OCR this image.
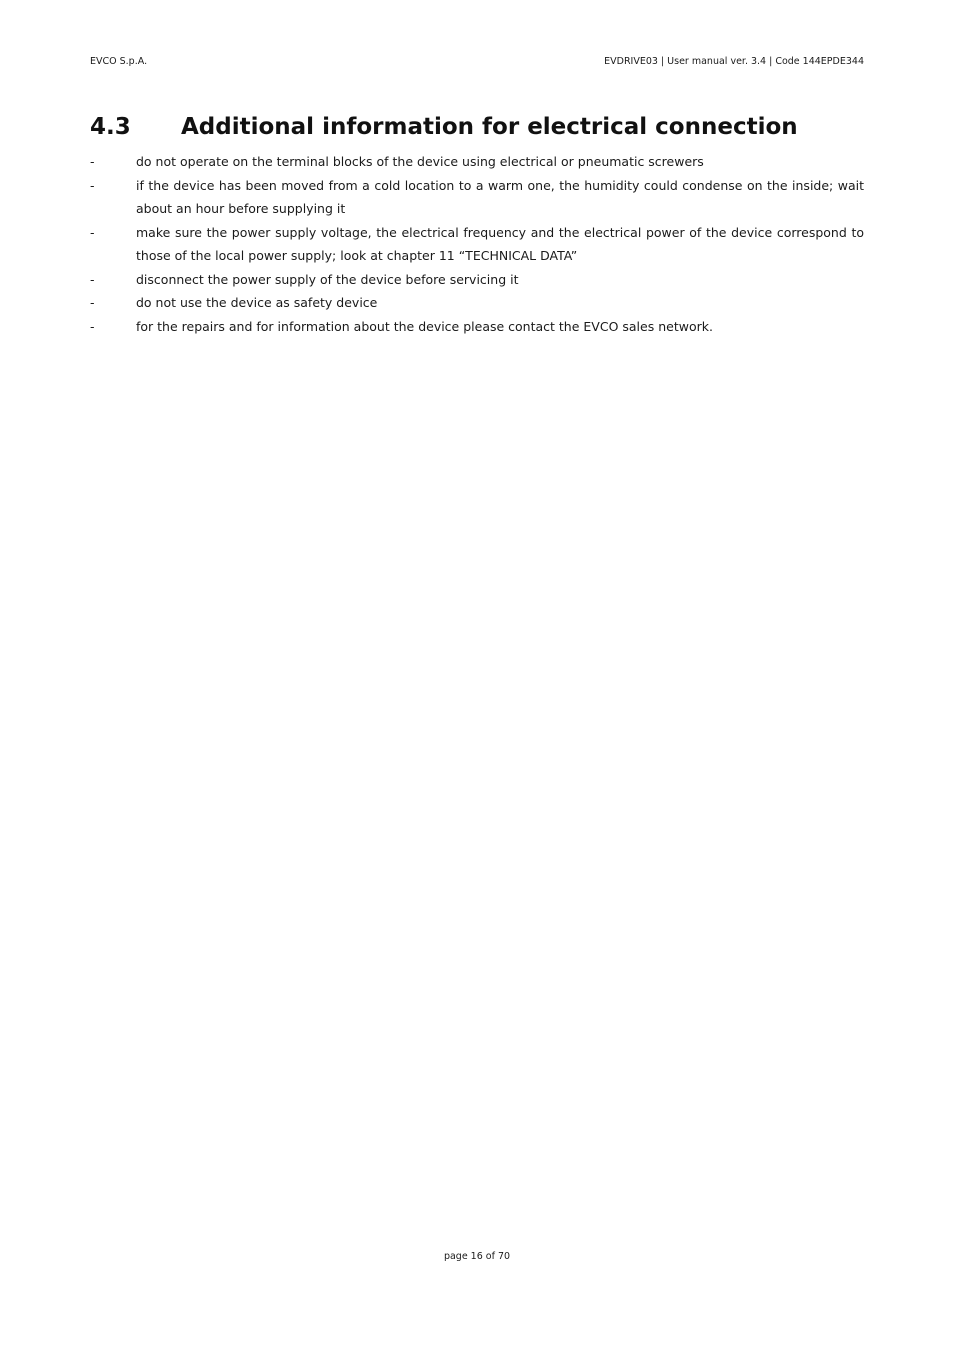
EVCO S.p.A.	EVDRIVE03 | User manual ver. 3.4 | Code 144EPDE344
4.3 Additional information for electrical connection
-	do not operate on the terminal blocks of the device using electrical or pneumatic screwers
-	if the device has been moved from a cold location to a warm one, the humidity could condense on the inside; wait about an hour before supplying it
-	make sure the power supply voltage, the electrical frequency and the electrical power of the device correspond to those of the local power supply; look at chapter 11 “TECHNICAL DATA”
-	disconnect the power supply of the device before servicing it
-	do not use the device as safety device
-	for the repairs and for information about the device please contact the EVCO sales network.
page 16 of 70
